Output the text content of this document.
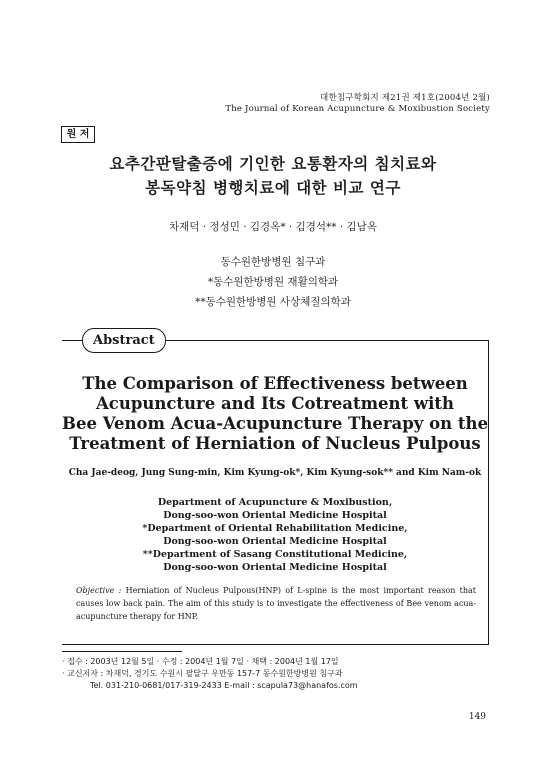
대한침구학회지 제21권 제1호(2004년 2월)
The Journal of Korean Acupuncture & Moxibustion Society
원 저
요추간판탈출증에 기인한 요통환자의 침치료와
봉독약침 병행치료에 대한 비교 연구
차재덕 · 정성민 · 김경옥* · 김경석** · 김남옥
동수원한방병원 침구과
*동수원한방병원 재활의학과
**동수원한방병원 사상체질의학과
Abstract
The Comparison of Effectiveness between
Acupuncture and Its Cotreatment with
Bee Venom Acua-Acupuncture Therapy on the
Treatment of Herniation of Nucleus Pulpous
Cha Jae-deog, Jung Sung-min, Kim Kyung-ok*, Kim Kyung-sok** and Kim Nam-ok
Department of Acupuncture & Moxibustion,
Dong-soo-won Oriental Medicine Hospital
*Department of Oriental Rehabilitation Medicine,
Dong-soo-won Oriental Medicine Hospital
**Department of Sasang Constitutional Medicine,
Dong-soo-won Oriental Medicine Hospital
Objective : Herniation of Nucleus Pulpous(HNP) of L-spine is the most important reason that causes low back pain. The aim of this study is to investigate the effectiveness of Bee venom acua-acupuncture therapy for HNP.
· 접수 : 2003년 12월 5일 · 수정 : 2004년 1월 7일 · 채택 : 2004년 1월 17일
· 교신저자 : 차재덕, 경기도 수원시 팔달구 우만동 157-7 동수원한방병원 침구과
Tel. 031-210-0681/017-319-2433 E-mail : scapula73@hanafos.com
149
